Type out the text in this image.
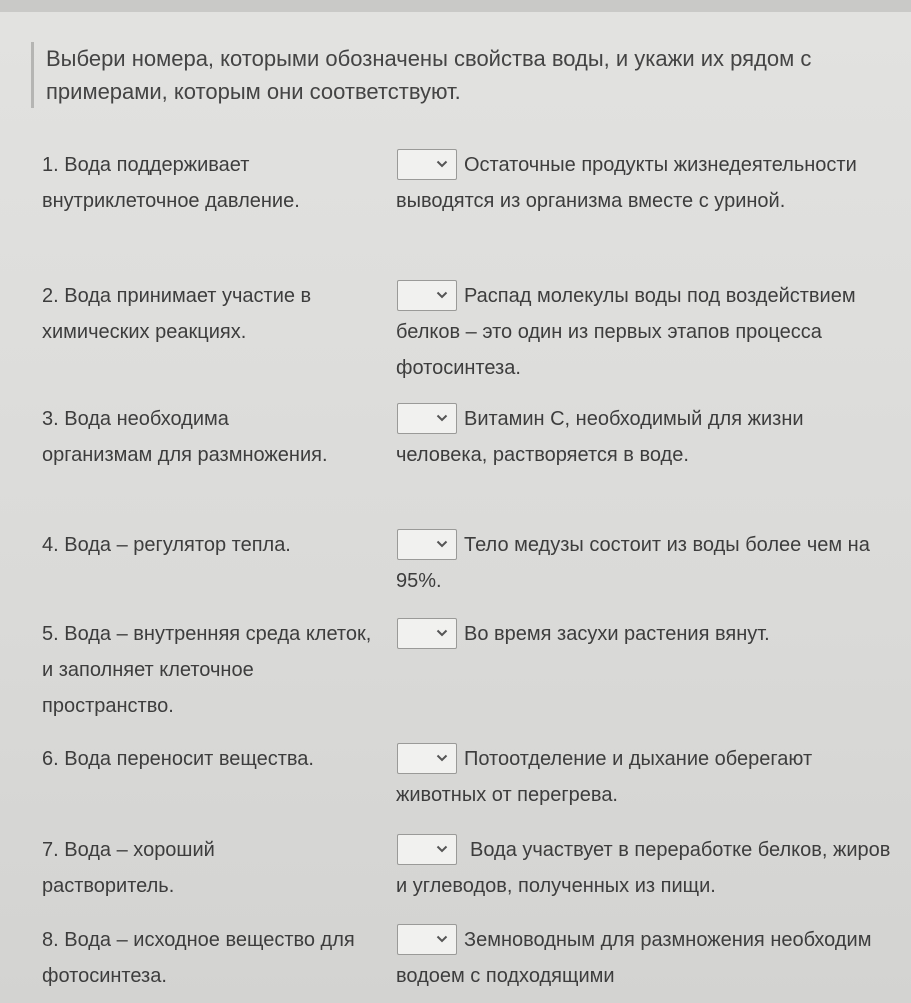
Выбери номера, которыми обозначены свойства воды, и укажи их рядом с примерами, которым они соответствуют.
1. Вода поддерживает внутриклеточное давление.
Остаточные продукты жизнедеятельности выводятся из организма вместе с уриной.
2. Вода принимает участие в химических реакциях.
Распад молекулы воды под воздействием белков – это один из первых этапов процесса фотосинтеза.
3. Вода необходима организмам для размножения.
Витамин С, необходимый для жизни человека, растворяется в воде.
4. Вода – регулятор тепла.	Тело медузы состоит из воды более чем на 95%.
5. Вода – внутренняя среда клеток, и заполняет клеточное пространство.
Во время засухи растения вянут.
6. Вода переносит вещества.	Потоотделение и дыхание оберегают животных от перегрева.
7. Вода – хороший растворитель.
Вода участвует в переработке белков, жиров и углеводов, полученных из пищи.
8. Вода – исходное вещество для фотосинтеза.
Земноводным для размножения необходим водоем с подходящими
